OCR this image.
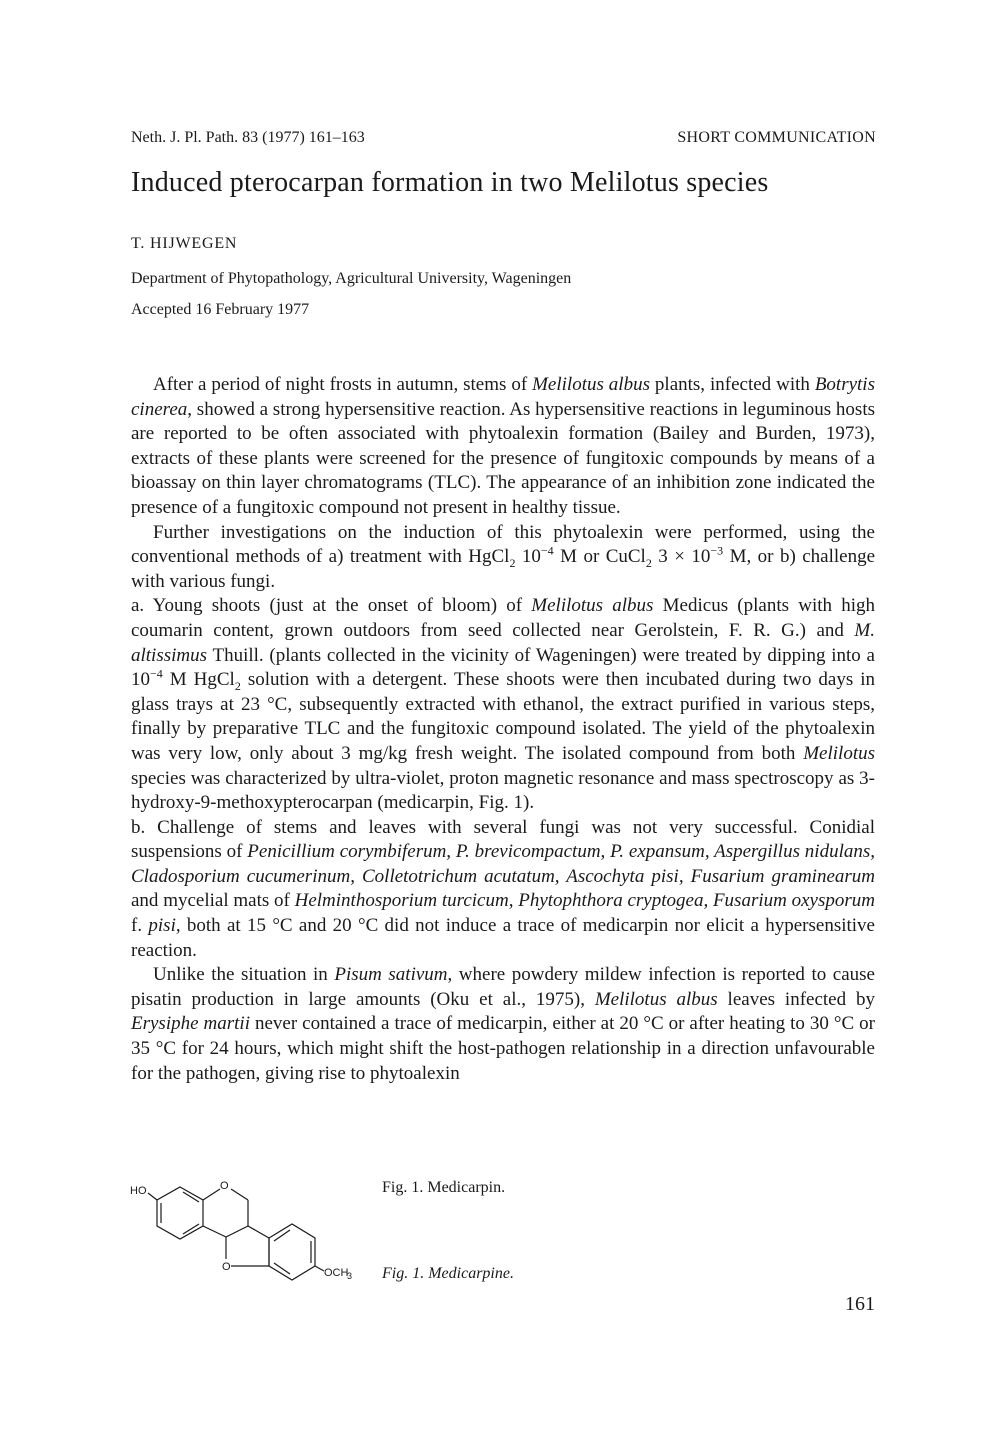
Neth. J. Pl. Path. 83 (1977) 161–163	SHORT COMMUNICATION
Induced pterocarpan formation in two Melilotus species
T. HIJWEGEN
Department of Phytopathology, Agricultural University, Wageningen
Accepted 16 February 1977

After a period of night frosts in autumn, stems of Melilotus albus plants, infected with Botrytis cinerea, showed a strong hypersensitive reaction. As hypersensitive reactions in leguminous hosts are reported to be often associated with phytoalexin formation (Bailey and Burden, 1973), extracts of these plants were screened for the presence of fungitoxic compounds by means of a bioassay on thin layer chromatograms (TLC). The appearance of an inhibition zone indicated the presence of a fungitoxic compound not present in healthy tissue.

Further investigations on the induction of this phytoalexin were performed, using the conventional methods of a) treatment with HgCl$_2$ $10^{-4}$ M or CuCl$_2$ $3 \times 10^{-3}$ M, or b) challenge with various fungi.

a. Young shoots (just at the onset of bloom) of Melilotus albus Medicus (plants with high coumarin content, grown outdoors from seed collected near Gerolstein, F. R. G.) and M. altissimus Thuill. (plants collected in the vicinity of Wageningen) were treated by dipping into a $10^{-4}$ M HgCl$_2$ solution with a detergent. These shoots were then incubated during two days in glass trays at 23 °C, subsequently extracted with ethanol, the extract purified in various steps, finally by preparative TLC and the fungitoxic compound isolated. The yield of the phytoalexin was very low, only about 3 mg/kg fresh weight. The isolated compound from both Melilotus species was characterized by ultra-violet, proton magnetic resonance and mass spectroscopy as 3-hydroxy-9-methoxypterocarpan (medicarpin, Fig. 1).

b. Challenge of stems and leaves with several fungi was not very successful. Conidial suspensions of Penicillium corymbiferum, P. brevicompactum, P. expansum, Aspergillus nidulans, Cladosporium cucumerinum, Colletotrichum acutatum, Ascochyta pisi, Fusarium graminearum and mycelial mats of Helminthosporium turcicum, Phytophthora cryptogea, Fusarium oxysporum f. pisi, both at 15 °C and 20 °C did not induce a trace of medicarpin nor elicit a hypersensitive reaction.

Unlike the situation in Pisum sativum, where powdery mildew infection is reported to cause pisatin production in large amounts (Oku et al., 1975), Melilotus albus leaves infected by Erysiphe martii never contained a trace of medicarpin, either at 20 °C or after heating to 30 °C or 35 °C for 24 hours, which might shift the host-pathogen relationship in a direction unfavourable for the pathogen, giving rise to phytoalexin

HO	O
O	OCH
3
Fig. 1. Medicarpin.
Fig. 1. Medicarpine.
161
